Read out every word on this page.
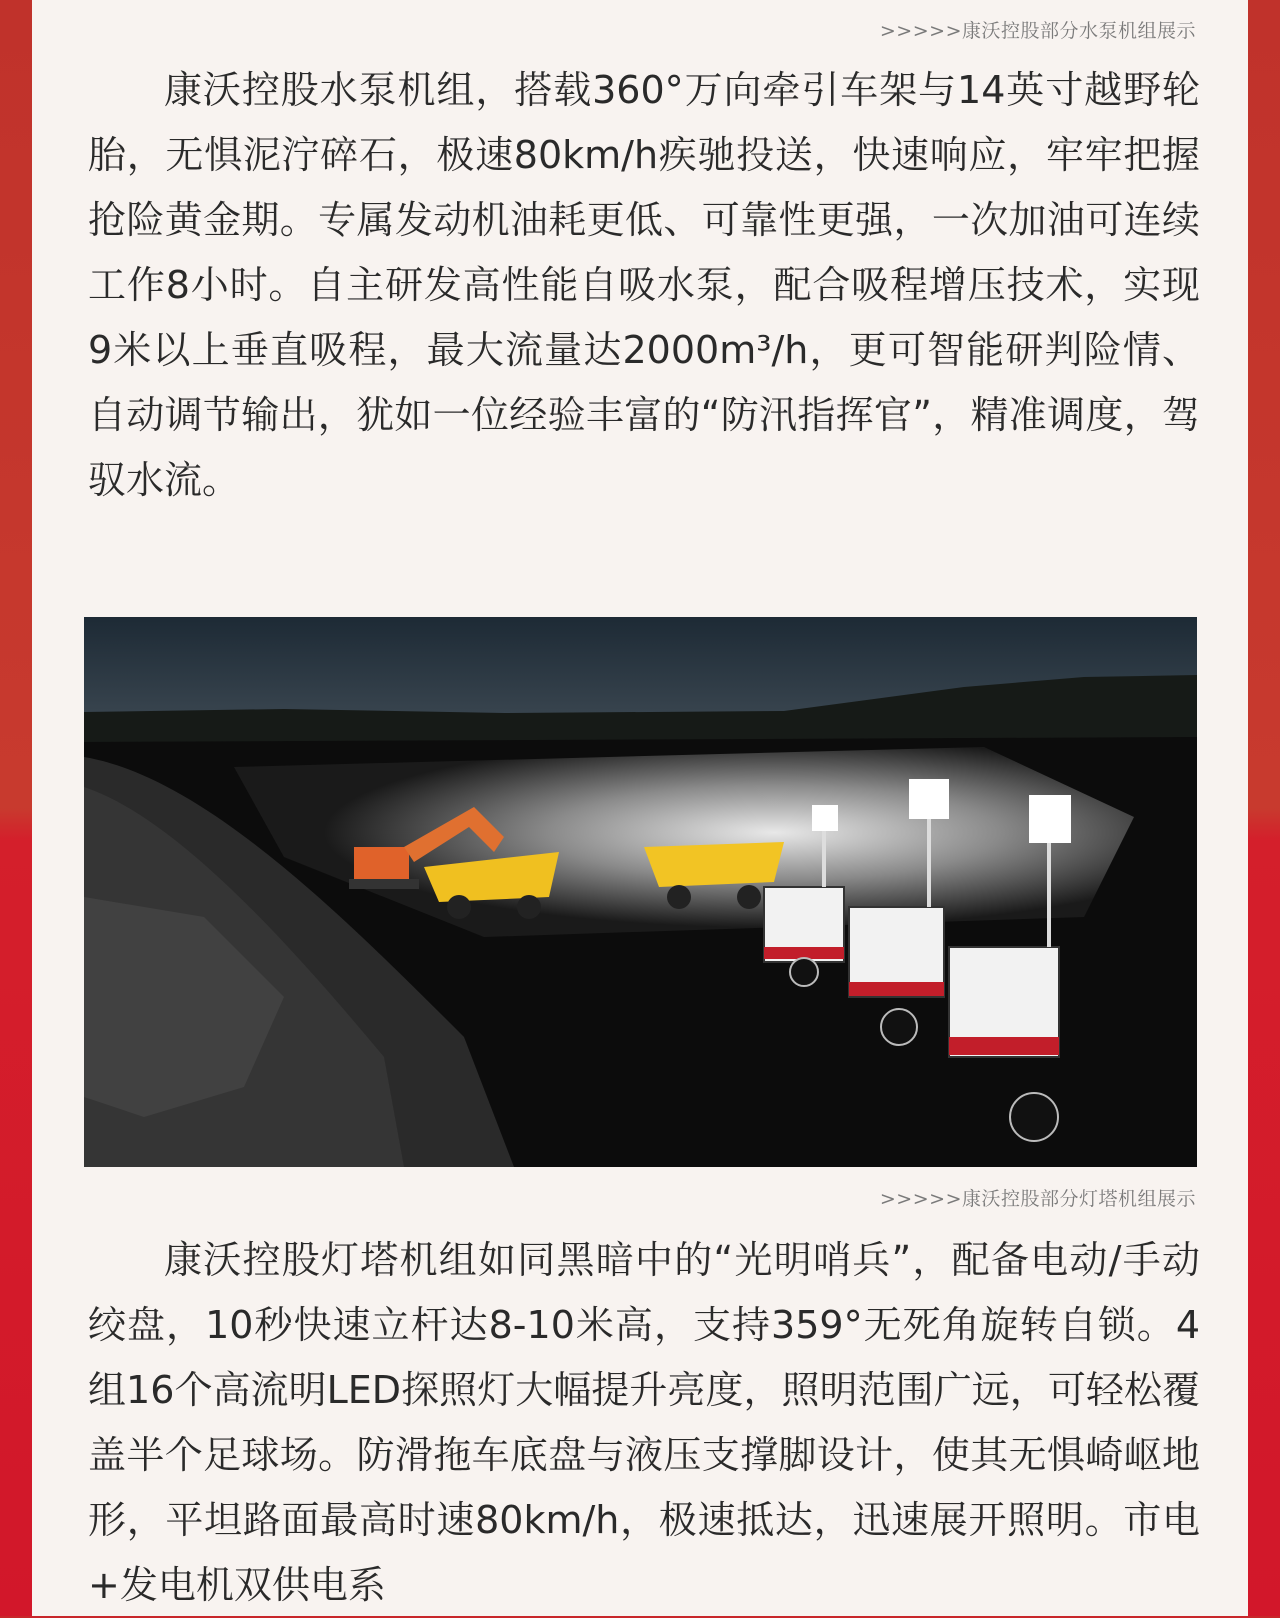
>>>>>康沃控股部分水泵机组展示

康沃控股水泵机组，搭载360°万向牵引车架与14英寸越野轮胎，无惧泥泞碎石，极速80km/h疾驰投送，快速响应，牢牢把握抢险黄金期。专属发动机油耗更低、可靠性更强，一次加油可连续工作8小时。自主研发高性能自吸水泵，配合吸程增压技术，实现9米以上垂直吸程，最大流量达2000m³/h，更可智能研判险情、自动调节输出，犹如一位经验丰富的“防汛指挥官”，精准调度，驾驭水流。

>>>>>康沃控股部分灯塔机组展示

康沃控股灯塔机组如同黑暗中的“光明哨兵”，配备电动/手动绞盘，10秒快速立杆达8-10米高，支持359°无死角旋转自锁。4组16个高流明LED探照灯大幅提升亮度，照明范围广远，可轻松覆盖半个足球场。防滑拖车底盘与液压支撑脚设计，使其无惧崎岖地形，平坦路面最高时速80km/h，极速抵达，迅速展开照明。市电+发电机双供电系
